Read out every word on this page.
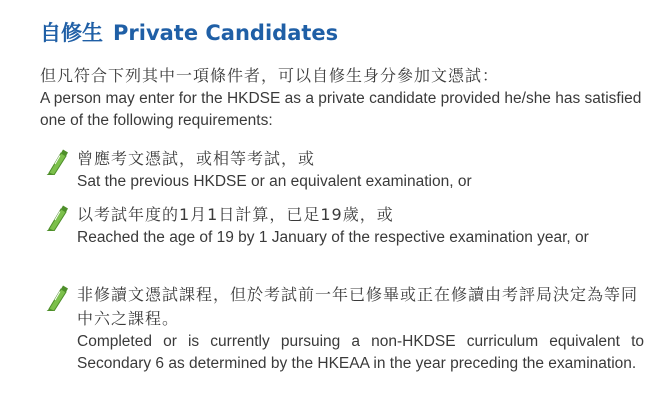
自修生 Private Candidates
但凡符合下列其中一項條件者，可以自修生身分參加文憑試：
A person may enter for the HKDSE as a private candidate provided he/she has satisfied one of the following requirements:
曾應考文憑試，或相等考試，或
Sat the previous HKDSE or an equivalent examination, or
以考試年度的1月1日計算，已足19歲，或
Reached the age of 19 by 1 January of the respective examination year, or
非修讀文憑試課程，但於考試前一年已修畢或正在修讀由考評局決定為等同中六之課程。
Completed or is currently pursuing a non-HKDSE curriculum equivalent to Secondary 6 as determined by the HKEAA in the year preceding the examination.
